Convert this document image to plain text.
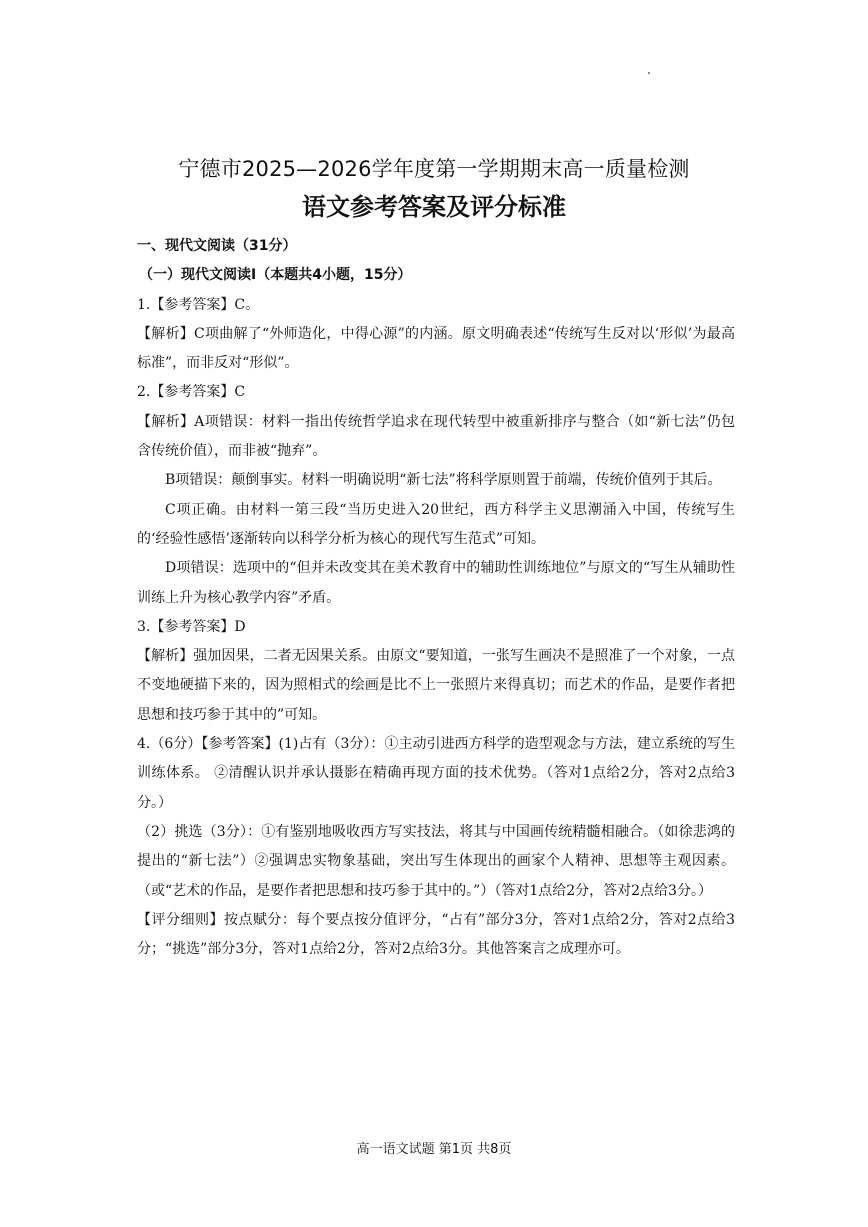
宁德市2025—2026学年度第一学期期末高一质量检测
语文参考答案及评分标准

一、现代文阅读（31分）

（一）现代文阅读Ⅰ（本题共4小题，15分）

1.【参考答案】C。

【解析】C项曲解了“外师造化，中得心源”的内涵。原文明确表述“传统写生反对以‘形似’为最高标准”，而非反对“形似”。

2.【参考答案】C

【解析】A项错误：材料一指出传统哲学追求在现代转型中被重新排序与整合（如“新七法”仍包含传统价值），而非被“抛弃”。

B项错误：颠倒事实。材料一明确说明“新七法”将科学原则置于前端，传统价值列于其后。

C项正确。由材料一第三段“当历史进入20世纪，西方科学主义思潮涌入中国，传统写生的‘经验性感悟’逐渐转向以科学分析为核心的现代写生范式”可知。

D项错误：选项中的“但并未改变其在美术教育中的辅助性训练地位”与原文的“写生从辅助性训练上升为核心教学内容”矛盾。

3.【参考答案】D

【解析】强加因果，二者无因果关系。由原文“要知道，一张写生画决不是照准了一个对象，一点不变地硬描下来的，因为照相式的绘画是比不上一张照片来得真切；而艺术的作品，是要作者把思想和技巧参于其中的”可知。

4.（6分）【参考答案】(1)占有（3分）：①主动引进西方科学的造型观念与方法，建立系统的写生训练体系。 ②清醒认识并承认摄影在精确再现方面的技术优势。（答对1点给2分，答对2点给3分。）

（2）挑选（3分）：①有鉴别地吸收西方写实技法，将其与中国画传统精髓相融合。（如徐悲鸿的提出的“新七法”）②强调忠实物象基础，突出写生体现出的画家个人精神、思想等主观因素。（或“艺术的作品，是要作者把思想和技巧参于其中的。”）（答对1点给2分，答对2点给3分。）

【评分细则】按点赋分：每个要点按分值评分，“占有”部分3分，答对1点给2分，答对2点给3分；“挑选”部分3分，答对1点给2分，答对2点给3分。其他答案言之成理亦可。

高一语文试题 第1页 共8页
